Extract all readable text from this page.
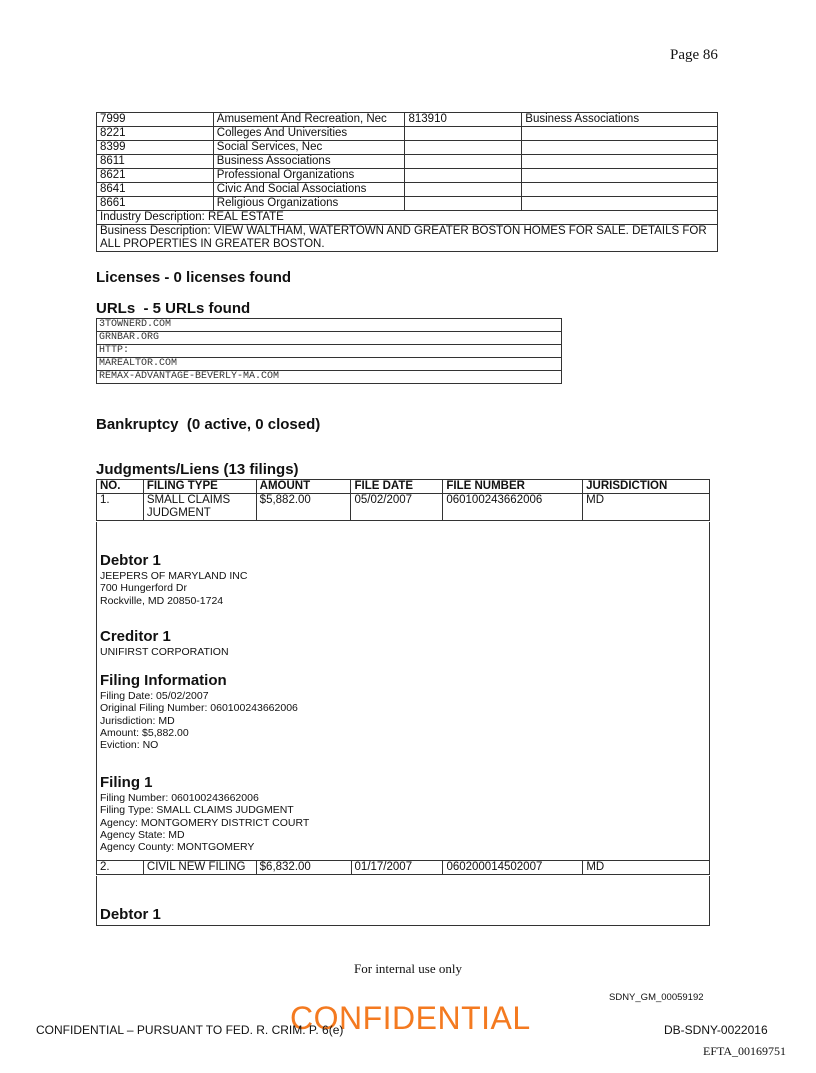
Page 86
7999	Amusement And Recreation, Nec	813910	Business Associations
8221	Colleges And Universities		
8399	Social Services, Nec		
8611	Business Associations		
8621	Professional Organizations		
8641	Civic And Social Associations		
8661	Religious Organizations		
Industry Description: REAL ESTATE			
Business Description: VIEW WALTHAM, WATERTOWN AND GREATER BOSTON HOMES FOR SALE. DETAILS FOR ALL PROPERTIES IN GREATER BOSTON.			
Licenses - 0 licenses found
URLs  - 5 URLs found
3TOWNERD.COM
GRNBAR.ORG
HTTP:
MAREALTOR.COM
REMAX-ADVANTAGE-BEVERLY-MA.COM
Bankruptcy  (0 active, 0 closed)
Judgments/Liens (13 filings)
NO.	FILING TYPE	AMOUNT	FILE DATE	FILE NUMBER	JURISDICTION
1.	SMALL CLAIMS JUDGMENT	$5,882.00	05/02/2007	060100243662006	MD

Debtor 1

JEEPERS OF MARYLAND INC
700 Hungerford Dr
Rockville, MD 20850-1724

Creditor 1

UNIFIRST CORPORATION

Filing Information

Filing Date: 05/02/2007
Original Filing Number: 060100243662006
Jurisdiction: MD
Amount: $5,882.00
Eviction: NO

Filing 1

Filing Number: 060100243662006
Filing Type: SMALL CLAIMS JUDGMENT
Agency: MONTGOMERY DISTRICT COURT
Agency State: MD
Agency County: MONTGOMERY
2.	CIVIL NEW FILING	$6,832.00	01/17/2007	060200014502007	MD

Debtor 1

For internal use only
SDNY_GM_00059192
CONFIDENTIAL
CONFIDENTIAL – PURSUANT TO FED. R. CRIM. P. 6(e)	DB-SDNY-0022016
EFTA_00169751
